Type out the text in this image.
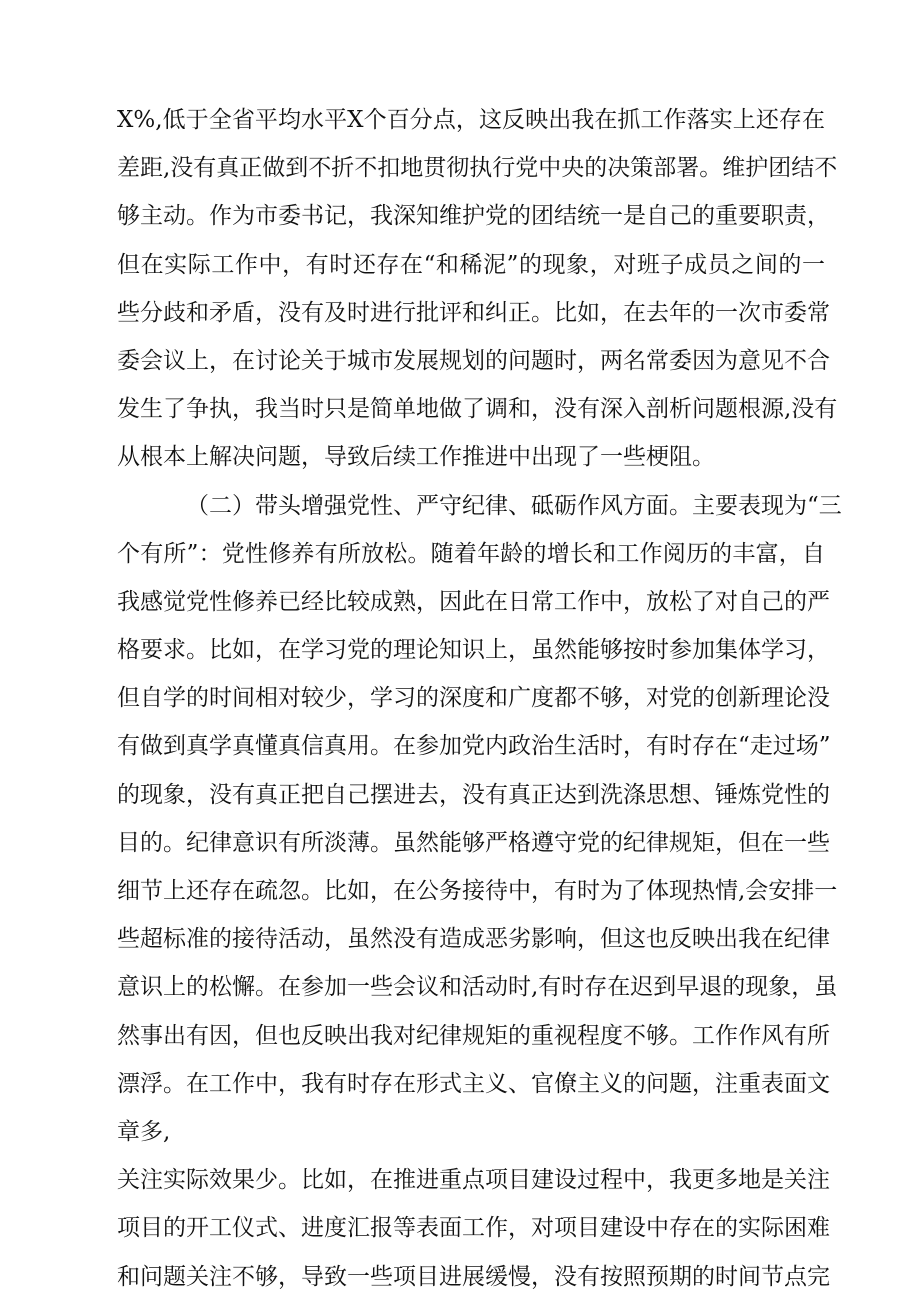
X%,低于全省平均水平X个百分点，这反映出我在抓工作落实上还存在
差距,没有真正做到不折不扣地贯彻执行党中央的决策部署。维护团结不
够主动。作为市委书记，我深知维护党的团结统一是自己的重要职责，
但在实际工作中，有时还存在“和稀泥”的现象，对班子成员之间的一
些分歧和矛盾，没有及时进行批评和纠正。比如，在去年的一次市委常
委会议上，在讨论关于城市发展规划的问题时，两名常委因为意见不合
发生了争执，我当时只是简单地做了调和，没有深入剖析问题根源,没有
从根本上解决问题，导致后续工作推进中出现了一些梗阻。
（二）带头增强党性、严守纪律、砥砺作风方面。主要表现为“三
个有所”：党性修养有所放松。随着年龄的增长和工作阅历的丰富，自
我感觉党性修养已经比较成熟，因此在日常工作中，放松了对自己的严
格要求。比如，在学习党的理论知识上，虽然能够按时参加集体学习，
但自学的时间相对较少，学习的深度和广度都不够，对党的创新理论没
有做到真学真懂真信真用。在参加党内政治生活时，有时存在“走过场”
的现象，没有真正把自己摆进去，没有真正达到洗涤思想、锤炼党性的
目的。纪律意识有所淡薄。虽然能够严格遵守党的纪律规矩，但在一些
细节上还存在疏忽。比如，在公务接待中，有时为了体现热情,会安排一
些超标准的接待活动，虽然没有造成恶劣影响，但这也反映出我在纪律
意识上的松懈。在参加一些会议和活动时,有时存在迟到早退的现象，虽
然事出有因，但也反映出我对纪律规矩的重视程度不够。工作作风有所
漂浮。在工作中，我有时存在形式主义、官僚主义的问题，注重表面文
章多,
关注实际效果少。比如，在推进重点项目建设过程中，我更多地是关注
项目的开工仪式、进度汇报等表面工作，对项目建设中存在的实际困难
和问题关注不够，导致一些项目进展缓慢，没有按照预期的时间节点完
